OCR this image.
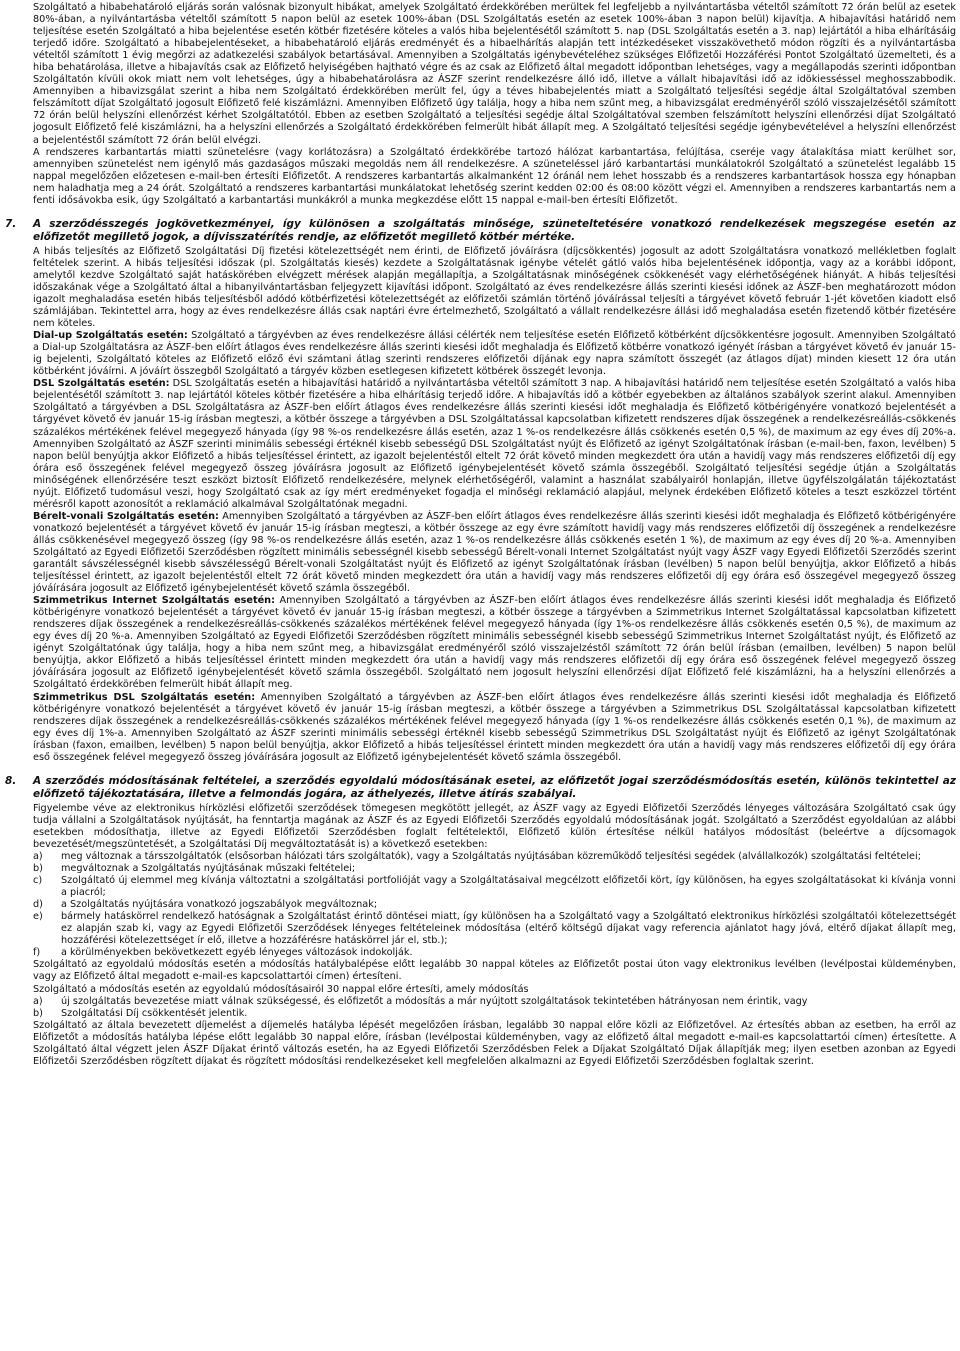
Szolgáltató a hibabehatároló eljárás során valósnak bizonyult hibákat, amelyek Szolgáltató érdekkörében merültek fel legfeljebb a nyilvántartásba vételtől számított 72 órán belül az esetek 80%-ában, a nyilvántartásba vételtől számított 5 napon belül az esetek 100%-ában (DSL Szolgáltatás esetén az esetek 100%-ában 3 napon belül) kijavítja. A hibajavítási határidő nem teljesítése esetén Szolgáltató a hiba bejelentése esetén kötbér fizetésére köteles a valós hiba bejelentésétől számított 5. nap (DSL Szolgáltatás esetén a 3. nap) lejártától a hiba elhárításáig terjedő időre. Szolgáltató a hibabejelentéseket, a hibabehatároló eljárás eredményét és a hibaelhárítás alapján tett intézkedéseket visszakövethető módon rögzíti és a nyilvántartásba vételtől számított 1 évig megőrzi az adatkezelési szabályok betartásával. Amennyiben a Szolgáltatás igénybevételéhez szükséges Előfizetői Hozzáférési Pontot Szolgáltató üzemelteti, és a hiba behatárolása, illetve a hibajavítás csak az Előfizető helyiségében hajtható végre és az csak az Előfizető által megadott időpontban lehetséges, vagy a megállapodás szerinti időpontban Szolgáltatón kívüli okok miatt nem volt lehetséges, úgy a hibabehatárolásra az ÁSZF szerint rendelkezésre álló idő, illetve a vállalt hibajavítási idő az idökiesséssel meghosszabbodik. Amennyiben a hibavizsgálat szerint a hiba nem Szolgáltató érdekkörében merült fel, úgy a téves hibabejelentés miatt a Szolgáltató teljesítési segédje által Szolgáltatóval szemben felszámított díjat Szolgáltató jogosult Előfizető felé kiszámlázni. Amennyiben Előfizető úgy találja, hogy a hiba nem szűnt meg, a hibavizsgálat eredményéről szóló visszajelzésétől számított 72 órán belül helyszíni ellenőrzést kérhet Szolgáltatótól. Ebben az esetben Szolgáltató a teljesítési segédje által Szolgáltatóval szemben felszámított helyszíni ellenőrzési díjat Szolgáltató jogosult Előfizető felé kiszámlázni, ha a helyszíni ellenőrzés a Szolgáltató érdekkörében felmerült hibát állapít meg. A Szolgáltató teljesítési segédje igénybevételével a helyszíni ellenőrzést a bejelentéstől számított 72 órán belül elvégzi.

A rendszeres karbantartás miatti szünetelésre (vagy korlátozásra) a Szolgáltató érdekkörébe tartozó hálózat karbantartása, felújítása, cseréje vagy átalakítása miatt kerülhet sor, amennyiben szünetelést nem igénylő más gazdaságos műszaki megoldás nem áll rendelkezésre. A szüneteléssel járó karbantartási munkálatokról Szolgáltató a szünetelést legalább 15 nappal megelőzően előzetesen e-mail-ben értesíti Előfizetőt. A rendszeres karbantartás alkalmanként 12 óránál nem lehet hosszabb és a rendszeres karbantartások hossza egy hónapban nem haladhatja meg a 24 órát. Szolgáltató a rendszeres karbantartási munkálatokat lehetőség szerint kedden 02:00 és 08:00 között végzi el. Amennyiben a rendszeres karbantartás nem a fenti idősávokba esik, úgy Szolgáltató a karbantartási munkákról a munka megkezdése előtt 15 nappal e-mail-ben értesíti Előfizetőt.

7.	A szerződésszegés jogkövetkezményei, így különösen a szolgáltatás minősége, szüneteltetésére vonatkozó rendelkezések megszegése esetén az előfizetőt megillető jogok, a díjvisszatérítés rendje, az előfizetőt megillető kötbér mértéke.

A hibás teljesítés az Előfizető Szolgáltatási Díj fizetési kötelezettségét nem érinti, de Előfizető jóváírásra (díjcsökkentés) jogosult az adott Szolgáltatásra vonatkozó mellékletben foglalt feltételek szerint. A hibás teljesítési időszak (pl. Szolgáltatás kiesés) kezdete a Szolgáltatásnak igénybe vételét gátló valós hiba bejelentésének időpontja, vagy az a korábbi időpont, amelytől kezdve Szolgáltató saját hatáskörében elvégzett mérések alapján megállapítja, a Szolgáltatásnak minőségének csökkenését vagy elérhetőségének hiányát. A hibás teljesítési időszakának vége a Szolgáltató által a hibanyilvántartásban feljegyzett kijavítási időpont. Szolgáltató az éves rendelkezésre állás szerinti kiesési időnek az ÁSZF-ben meghatározott módon igazolt meghaladása esetén hibás teljesítésből adódó kötbérfizetési kötelezettségét az előfizetői számlán történő jóváírással teljesíti a tárgyévet követő február 1-jét követően kiadott első számlájában. Tekintettel arra, hogy az éves rendelkezésre állás csak naptári évre értelmezhető, Szolgáltató a vállalt rendelkezésre állási idő meghaladása esetén fizetendő kötbér fizetésére nem köteles.

Dial-up Szolgáltatás esetén: Szolgáltató a tárgyévben az éves rendelkezésre állási célérték nem teljesítése esetén Előfizető kötbérként díjcsökkentésre jogosult. Amennyiben Szolgáltató a Dial-up Szolgáltatásra az ÁSZF-ben előírt átlagos éves rendelkezésre állás szerinti kiesési időt meghaladja és Előfizető kötbérre vonatkozó igényét írásban a tárgyévet követő év január 15-ig bejelenti, Szolgáltató köteles az Előfizető előző évi számtani átlag szerinti rendszeres előfizetői díjának egy napra számított összegét (az átlagos díjat) minden kiesett 12 óra után kötbérként jóváírni. A jóváírt összegből Szolgáltató a tárgyév közben esetlegesen kifizetett kötbérek összegét levonja.

DSL Szolgáltatás esetén: DSL Szolgáltatás esetén a hibajavítási határidő a nyilvántartásba vételtől számított 3 nap. A hibajavítási határidő nem teljesítése esetén Szolgáltató a valós hiba bejelentésétől számított 3. nap lejártától köteles kötbér fizetésére a hiba elhárításig terjedő időre. A hibajavítás idő a kötbér egyebekben az általános szabályok szerint alakul. Amennyiben Szolgáltató a tárgyévben a DSL Szolgáltatásra az ÁSZF-ben előírt átlagos éves rendelkezésre állás szerinti kiesési időt meghaladja és Előfizető kötbérigényére vonatkozó bejelentését a tárgyévet követő év január 15-ig írásban megteszi, a kötbér összege a tárgyévben a DSL Szolgáltatással kapcsolatban kifizetett rendszeres díjak összegének a rendelkezésreállás-csökkenés százalékos mértékének felével megegyező hányada (így 98 %-os rendelkezésre állás esetén, azaz 1 %-os rendelkezésre állás csökkenés esetén 0,5 %), de maximum az egy éves díj 20%-a. Amennyiben Szolgáltató az ÁSZF szerinti minimális sebességi értéknél kisebb sebességű DSL Szolgáltatást nyújt és Előfizető az igényt Szolgáltatónak írásban (e-mail-ben, faxon, levélben) 5 napon belül benyújtja akkor Előfizető a hibás teljesítéssel érintett, az igazolt bejelentéstől eltelt 72 órát követő minden megkezdett óra után a havidíj vagy más rendszeres előfizetői díj egy órára eső összegének felével megegyező összeg jóváírásra jogosult az Előfizető igénybejelentését követő számla összegéből. Szolgáltató teljesítési segédje útján a Szolgáltatás minőségének ellenőrzésére teszt eszközt biztosít Előfizető rendelkezésére, melynek elérhetőségéről, valamint a használat szabályairól honlapján, illetve ügyfélszolgálatán tájékoztatást nyújt. Előfizető tudomásul veszi, hogy Szolgáltató csak az így mért eredményeket fogadja el minőségi reklamáció alapjául, melynek érdekében Előfizető köteles a teszt eszközzel történt mérésről kapott azonosítót a reklamáció alkalmával Szolgáltatónak megadni.

Bérelt-vonali Szolgáltatás esetén: Amennyiben Szolgáltató a tárgyévben az ÁSZF-ben előírt átlagos éves rendelkezésre állás szerinti kiesési időt meghaladja és Előfizető kötbérigényére vonatkozó bejelentését a tárgyévet követő év január 15-ig írásban megteszi, a kötbér összege az egy évre számított havidíj vagy más rendszeres előfizetői díj összegének a rendelkezésre állás csökkenésével megegyező összeg (így 98 %-os rendelkezésre állás esetén, azaz 1 %-os rendelkezésre állás csökkenés esetén 1 %), de maximum az egy éves díj 20 %-a. Amennyiben Szolgáltató az Egyedi Előfizetői Szerződésben rögzített minimális sebességnél kisebb sebességű Bérelt-vonali Internet Szolgáltatást nyújt vagy ÁSZF vagy Egyedi Előfizetői Szerződés szerint garantált sávszélességnél kisebb sávszélességű Bérelt-vonali Szolgáltatást nyújt és Előfizető az igényt Szolgáltatónak írásban (levélben) 5 napon belül benyújtja, akkor Előfizető a hibás teljesítéssel érintett, az igazolt bejelentéstől eltelt 72 órát követő minden megkezdett óra után a havidíj vagy más rendszeres előfizetői díj egy órára eső összegével megegyező összeg jóváírására jogosult az Előfizető igénybejelentését követő számla összegéből.

Szimmetrikus Internet Szolgáltatás esetén: Amennyiben Szolgáltató a tárgyévben az ÁSZF-ben előírt átlagos éves rendelkezésre állás szerinti kiesési időt meghaladja és Előfizető kötbérigényre vonatkozó bejelentését a tárgyévet követő év január 15-ig írásban megteszi, a kötbér összege a tárgyévben a Szimmetrikus Internet Szolgáltatással kapcsolatban kifizetett rendszeres díjak összegének a rendelkezésreállás-csökkenés százalékos mértékének felével megegyező hányada (így 1%-os rendelkezésre állás csökkenés esetén 0,5 %), de maximum az egy éves díj 20 %-a. Amennyiben Szolgáltató az Egyedi Előfizetői Szerződésben rögzített minimális sebességnél kisebb sebességű Szimmetrikus Internet Szolgáltatást nyújt, és Előfizető az igényt Szolgáltatónak úgy találja, hogy a hiba nem szűnt meg, a hibavizsgálat eredményéről szóló visszajelzéstől számított 72 órán belül írásban (emailben, levélben) 5 napon belül benyújtja, akkor Előfizető a hibás teljesítéssel érintett minden megkezdett óra után a havidíj vagy más rendszeres előfizetői díj egy órára eső összegének felével megegyező összeg jóváírására jogosult az Előfizető igénybejelentését követő számla összegéből. Szolgáltató nem jogosult helyszíni ellenőrzési díjat Előfizető felé kiszámlázni, ha a helyszíni ellenőrzés a Szolgáltató érdekkörében felmerült hibát állapít meg.

Szimmetrikus DSL Szolgáltatás esetén: Amennyiben Szolgáltató a tárgyévben az ÁSZF-ben előírt átlagos éves rendelkezésre állás szerinti kiesési időt meghaladja és Előfizető kötbérigényre vonatkozó bejelentését a tárgyévet követő év január 15-ig írásban megteszi, a kötbér összege a tárgyévben a Szimmetrikus DSL Szolgáltatással kapcsolatban kifizetett rendszeres díjak összegének a rendelkezésreállás-csökkenés százalékos mértékének felével megegyező hányada (így 1 %-os rendelkezésre állás csökkenés esetén 0,1 %), de maximum az egy éves díj 1%-a. Amennyiben Szolgáltató az ÁSZF szerinti minimális sebességi értéknél kisebb sebességű Szimmetrikus DSL Szolgáltatást nyújt és Előfizető az igényt Szolgáltatónak írásban (faxon, emailben, levélben) 5 napon belül benyújtja, akkor Előfizető a hibás teljesítéssel érintett minden megkezdett óra után a havidíj vagy más rendszeres előfizetői díj egy órára eső összegének felével megegyező összeg jóváírására jogosult az Előfizető igénybejelentését követő számla összegéből.

8.	A szerződés módosításának feltételei, a szerződés egyoldalú módosításának esetei, az előfizetőt jogai szerződésmódosítás esetén, különös tekintettel az előfizető tájékoztatására, illetve a felmondás jogára, az áthelyezés, illetve átírás szabályai.

Figyelembe véve az elektronikus hírközlési előfizetői szerződések tömegesen megkötött jellegét, az ÁSZF vagy az Egyedi Előfizetői Szerződés lényeges változására Szolgáltató csak úgy tudja vállalni a Szolgáltatások nyújtását, ha fenntartja magának az ÁSZF és az Egyedi Előfizetői Szerződés egyoldalú módosításának jogát. Szolgáltató a Szerződést egyoldalúan az alábbi esetekben módosíthatja, illetve az Egyedi Előfizetői Szerződésben foglalt feltételektől, Előfizető külön értesítése nélkül hatályos módosítást (beleértve a díjcsomagok bevezetését/megszüntetését, a Szolgáltatási Díj megváltoztatását is) a következő esetekben:

a)	meg változnak a társszolgáltatók (elsősorban hálózati társ szolgáltatók), vagy a Szolgáltatás nyújtásában közreműködő teljesítési segédek (alvállalkozók) szolgáltatási feltételei;
b)	megváltoznak a Szolgáltatás nyújtásának műszaki feltételei;
c)	Szolgáltató új elemmel meg kívánja változtatni a szolgáltatási portfolióját vagy a Szolgáltatásaival megcélzott előfizetői kört, így különösen, ha egyes szolgáltatásokat ki kívánja vonni a piacról;
d)	a Szolgáltatás nyújtására vonatkozó jogszabályok megváltoznak;
e)	bármely hatáskörrel rendelkező hatóságnak a Szolgáltatást érintő döntései miatt, így különösen ha a Szolgáltató vagy a Szolgáltató elektronikus hírközlési szolgáltatói kötelezettségét ez alapján szab ki, vagy az Egyedi Előfizetői Szerződések lényeges feltételeinek módosítása (eltérő költségű díjakat vagy referencia ajánlatot hagy jóvá, eltérő díjakat állapít meg, hozzáférési kötelezettséget ír elő, illetve a hozzáférésre hatáskörrel jár el, stb.);
f)	a körülményekben bekövetkezett egyéb lényeges változások indokolják.

Szolgáltató az egyoldalú módosítás esetén a módosítás hatálybalépése előtt legalább 30 nappal köteles az Előfizetőt postai úton vagy elektronikus levélben (levélpostai küldeményben, vagy az Előfizető által megadott e-mail-es kapcsolattartói címen) értesíteni.

Szolgáltató a módosítás esetén az egyoldalú módosításairól 30 nappal előre értesíti, amely módosítás

a)	új szolgáltatás bevezetése miatt válnak szükségessé, és előfizetőt a módosítás a már nyújtott szolgáltatások tekintetében hátrányosan nem érintik, vagy
b)	Szolgáltatási Díj csökkentését jelentik.

Szolgáltató az általa bevezetett díjemelést a díjemelés hatályba lépését megelőzően írásban, legalább 30 nappal előre közli az Előfizetővel. Az értesítés abban az esetben, ha erről az Előfizetőt a módosítás hatályba lépése előtt legalább 30 nappal előre, írásban (levélpostai küldeményben, vagy az előfizető által megadott e-mail-es kapcsolattartói címen) értesítette. A Szolgáltató által végzett jelen ÁSZF Díjakat érintő változás esetén, ha az Egyedi Előfizetői Szerződésben Felek a Díjakat Szolgáltató Díjak állapítják meg; ilyen esetben azonban az Egyedi Előfizetői Szerződésben rögzített díjakat és rögzített módosítási rendelkezéseket kell megfelelően alkalmazni az Egyedi Előfizetői Szerződésben foglaltak szerint.
